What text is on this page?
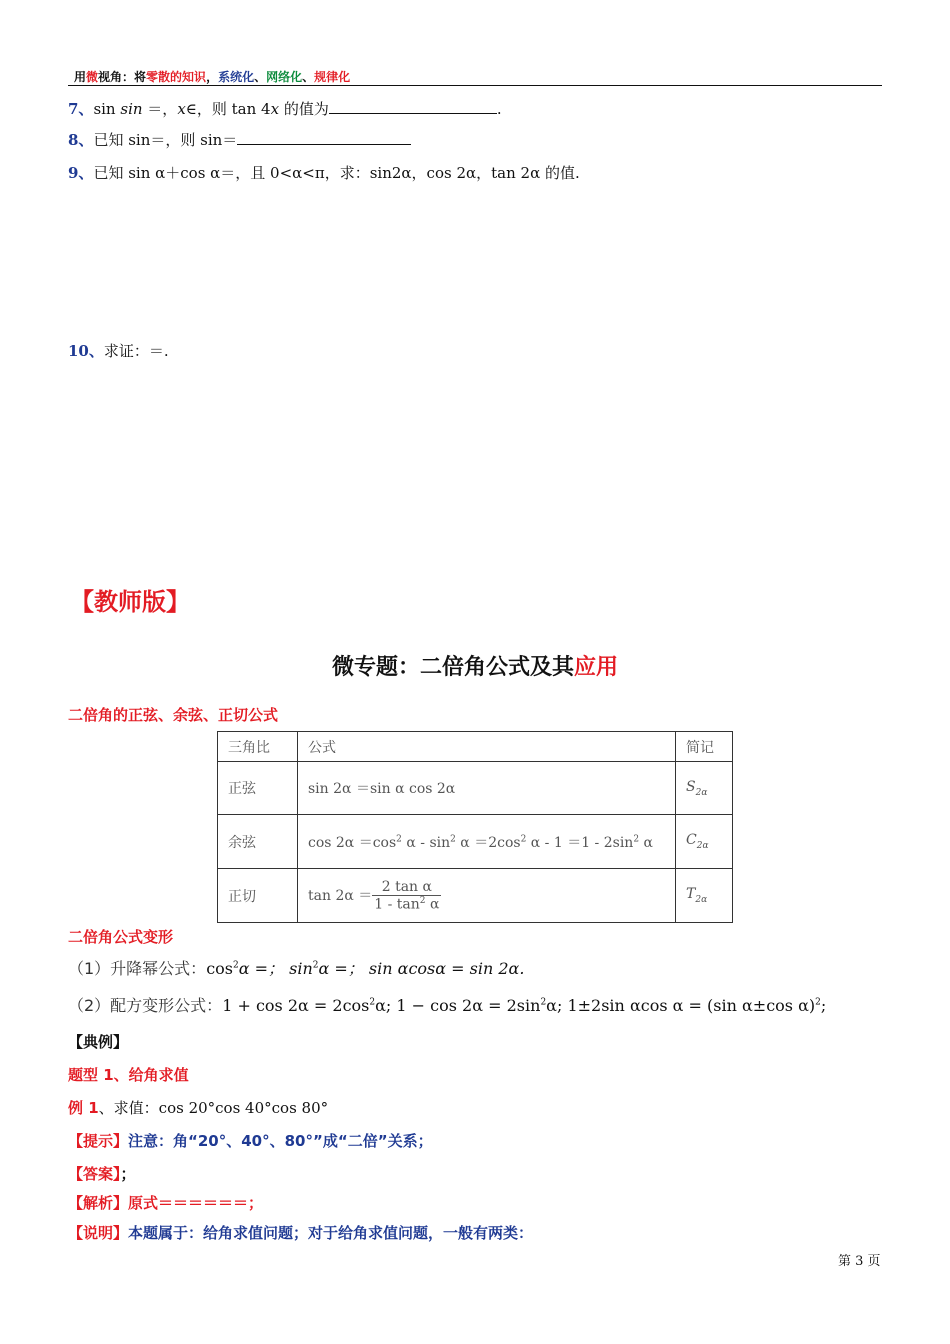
用微视角：将零散的知识，系统化、网络化、规律化
7、sin sin ＝，x∈，则 tan 4x 的值为	.
8、已知 sin＝，则 sin＝
9、已知 sin α＋cos α＝，且 0<α<π，求：sin2α，cos 2α，tan 2α 的值.
10、求证：＝.
【教师版】
微专题：二倍角公式及其应用
二倍角的正弦、余弦、正切公式
三角比	公式	简记
正弦	sin 2α ＝sin α cos 2α	$S_{2\alpha}$
余弦	$\cos 2\alpha =\cos^2$ $\alpha - \sin^2 \alpha =2\cos^2$ $\alpha - 1 =1 - 2\sin^2$ α	$C_{2\alpha}$
正切	$\tan 2\alpha = \frac{\text{2 tan α}}{1 - \tan^2 \alpha}$	$T_{2\alpha}$
二倍角公式变形
（1）升降幂公式：$\cos^2\alpha$ =； $\sin^2\alpha$ =； sin αcosα = sin 2α.
（2）配方变形公式：$1 + \cos 2\alpha = 2\cos^2\alpha$; $1 - \cos 2\alpha = 2\sin^2\alpha$; 1±2sin αcos α = (sin α±cos α)$^2$;
【典例】
题型 1、给角求值
例 1、求值：cos 20°cos 40°cos 80°
【提示】注意：角“20°、40°、80°”成“二倍”关系；
【答案】；
【解析】原式＝＝＝＝＝＝；
【说明】本题属于：给角求值问题；对于给角求值问题，一般有两类：
第 3 页
